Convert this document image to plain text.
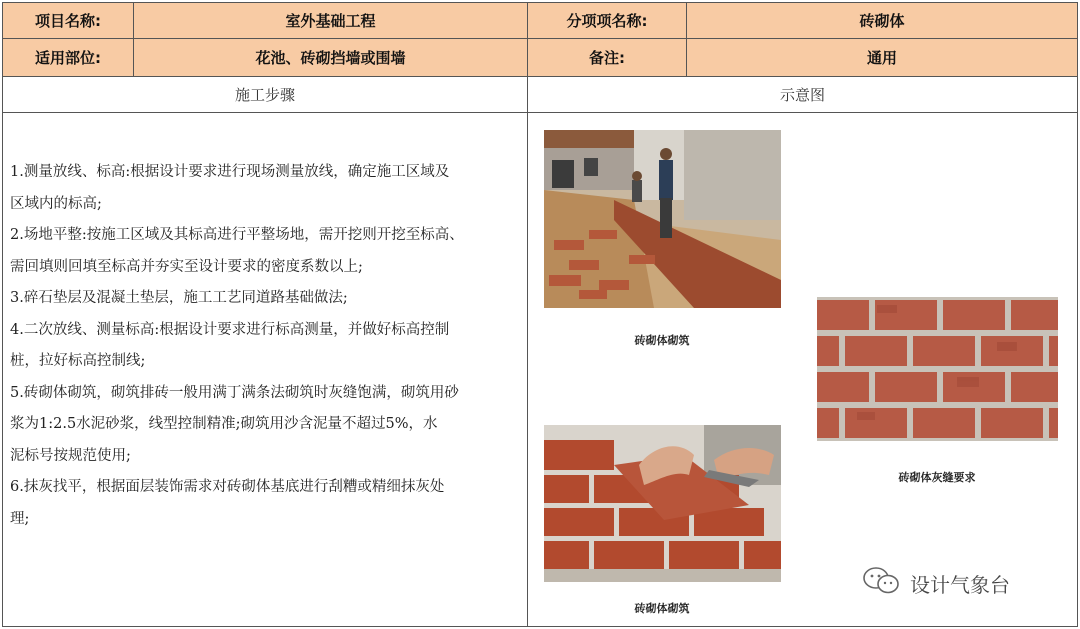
项目名称:	室外基础工程	分项项名称:	砖砌体
适用部位:	花池、砖砌挡墙或围墙	备注:	通用
施工步骤	示意图
1.测量放线、标高:根据设计要求进行现场测量放线，确定施工区域及
区域内的标高;
2.场地平整:按施工区域及其标高进行平整场地，需开挖则开挖至标高、
需回填则回填至标高并夯实至设计要求的密度系数以上;
3.碎石垫层及混凝土垫层，施工工艺同道路基础做法;
4.二次放线、测量标高:根据设计要求进行标高测量，并做好标高控制
桩，拉好标高控制线;
5.砖砌体砌筑，砌筑排砖一般用满丁满条法砌筑时灰缝饱满，砌筑用砂
浆为1:2.5水泥砂浆，线型控制精准;砌筑用沙含泥量不超过5%，水
泥标号按规范使用;
6.抹灰找平，根据面层装饰需求对砖砌体基底进行刮糟或精细抹灰处
理;
砖砌体砌筑
砖砌体灰缝要求
砖砌体砌筑
设计气象台
